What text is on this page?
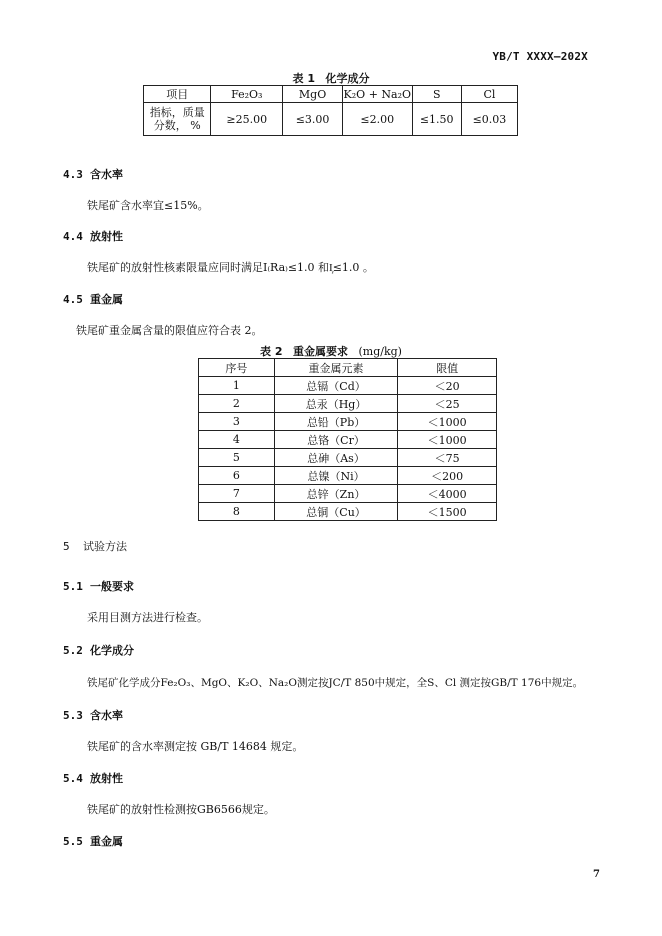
YB/T XXXX—202X
表 1 化学成分
项目	Fe₂O₃	MgO	K₂O + Na₂O	S	Cl
指标，质量分数， %	≥25.00	≤3.00	≤2.00	≤1.50	≤0.03
4.3 含水率
铁尾矿含水率宜≤15%。
4.4 放射性
铁尾矿的放射性核素限量应同时满足I₍Ra₎≤1.0 和I᷊≤1.0 。
4.5 重金属
铁尾矿重金属含量的限值应符合表 2。
表 2 重金属要求 (mg/kg)
序号	重金属元素	限值
1	总镉（Cd）	＜20
2	总汞（Hg）	＜25
3	总铅（Pb）	＜1000
4	总铬（Cr）	＜1000
5	总砷（As）	＜75
6	总镍（Ni）	＜200
7	总锌（Zn）	＜4000
8	总铜（Cu）	＜1500
5 试验方法
5.1 一般要求
采用目测方法进行检查。
5.2 化学成分
铁尾矿化学成分Fe₂O₃、MgO、K₂O、Na₂O测定按JC/T 850中规定，全S、Cl 测定按GB/T 176中规定。
5.3 含水率
铁尾矿的含水率测定按 GB/T 14684 规定。
5.4 放射性
铁尾矿的放射性检测按GB6566规定。
5.5 重金属
7
